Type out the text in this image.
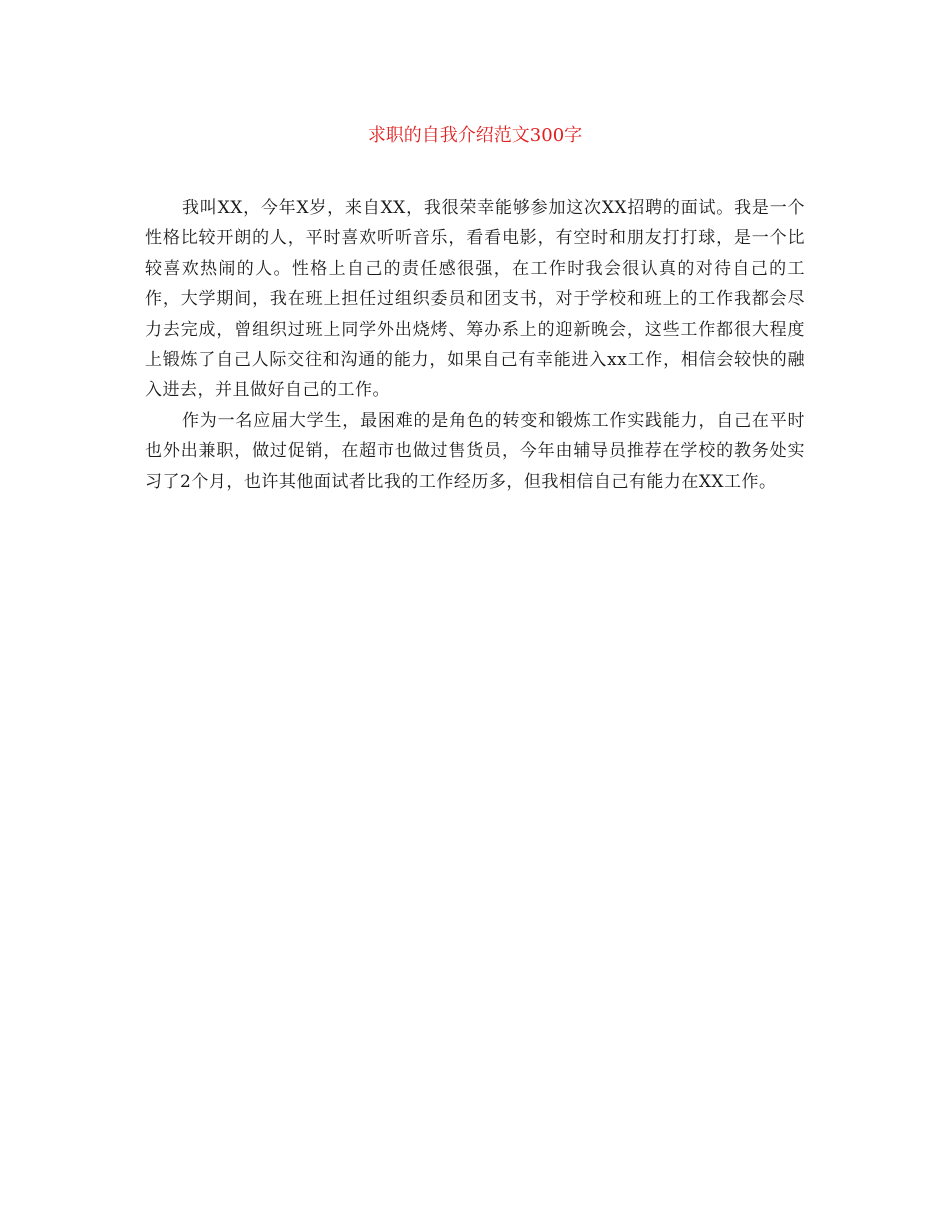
求职的自我介绍范文300字

我叫XX，今年X岁，来自XX，我很荣幸能够参加这次XX招聘的面试。我是一个性格比较开朗的人，平时喜欢听听音乐，看看电影，有空时和朋友打打球，是一个比较喜欢热闹的人。性格上自己的责任感很强，在工作时我会很认真的对待自己的工作，大学期间，我在班上担任过组织委员和团支书，对于学校和班上的工作我都会尽力去完成，曾组织过班上同学外出烧烤、筹办系上的迎新晚会，这些工作都很大程度上锻炼了自己人际交往和沟通的能力，如果自己有幸能进入xx工作，相信会较快的融入进去，并且做好自己的工作。

作为一名应届大学生，最困难的是角色的转变和锻炼工作实践能力，自己在平时也外出兼职，做过促销，在超市也做过售货员，今年由辅导员推荐在学校的教务处实习了2个月，也许其他面试者比我的工作经历多，但我相信自己有能力在XX工作。
